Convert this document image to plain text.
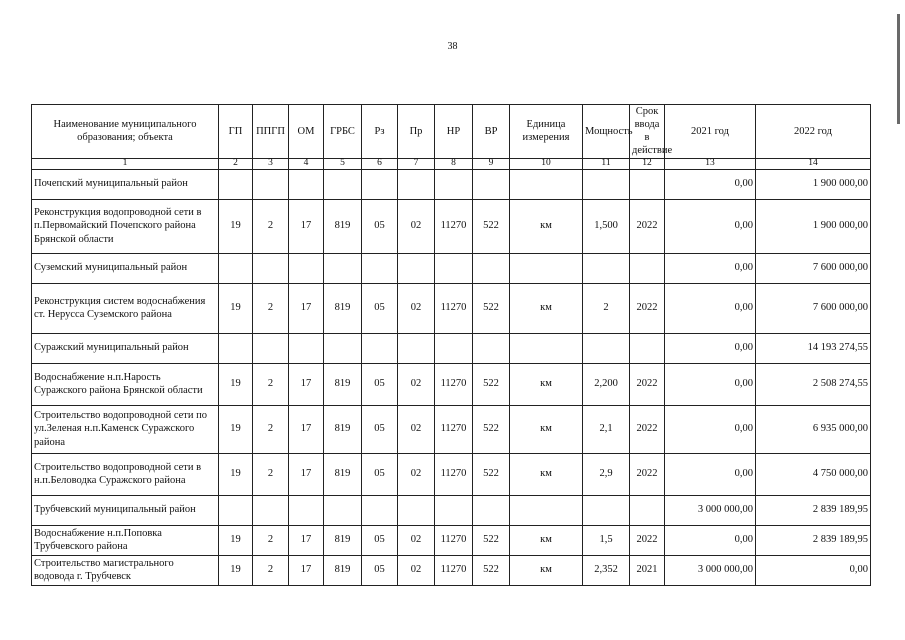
38
Наименование муниципального образования; объекта	ГП	ППГП	ОМ	ГРБС	Рз	Пр	НР	ВР	Единица измерения	Мощность	Срок ввода в действие	2021 год	2022 год
1	2	3	4	5	6	7	8	9	10	11	12	13	14
Почепский муниципальный район												0,00	1 900 000,00
Реконструкция водопроводной сети в п.Первомайский Почепского района Брянской области	19	2	17	819	05	02	11270	522	км	1,500	2022	0,00	1 900 000,00
Суземский муниципальный район												0,00	7 600 000,00
Реконструкция систем водоснабжения ст. Нерусса Суземского района	19	2	17	819	05	02	11270	522	км	2	2022	0,00	7 600 000,00
Суражский муниципальный район												0,00	14 193 274,55
Водоснабжение н.п.Нарость Суражского района Брянской области	19	2	17	819	05	02	11270	522	км	2,200	2022	0,00	2 508 274,55
Строительство водопроводной сети по ул.Зеленая н.п.Каменск Суражского района	19	2	17	819	05	02	11270	522	км	2,1	2022	0,00	6 935 000,00
Строительство водопроводной сети в н.п.Беловодка Суражского района	19	2	17	819	05	02	11270	522	км	2,9	2022	0,00	4 750 000,00
Трубчевский муниципальный район												3 000 000,00	2 839 189,95
Водоснабжение н.п.Поповка Трубчевского района	19	2	17	819	05	02	11270	522	км	1,5	2022	0,00	2 839 189,95
Строительство магистрального водовода г. Трубчевск	19	2	17	819	05	02	11270	522	км	2,352	2021	3 000 000,00	0,00
